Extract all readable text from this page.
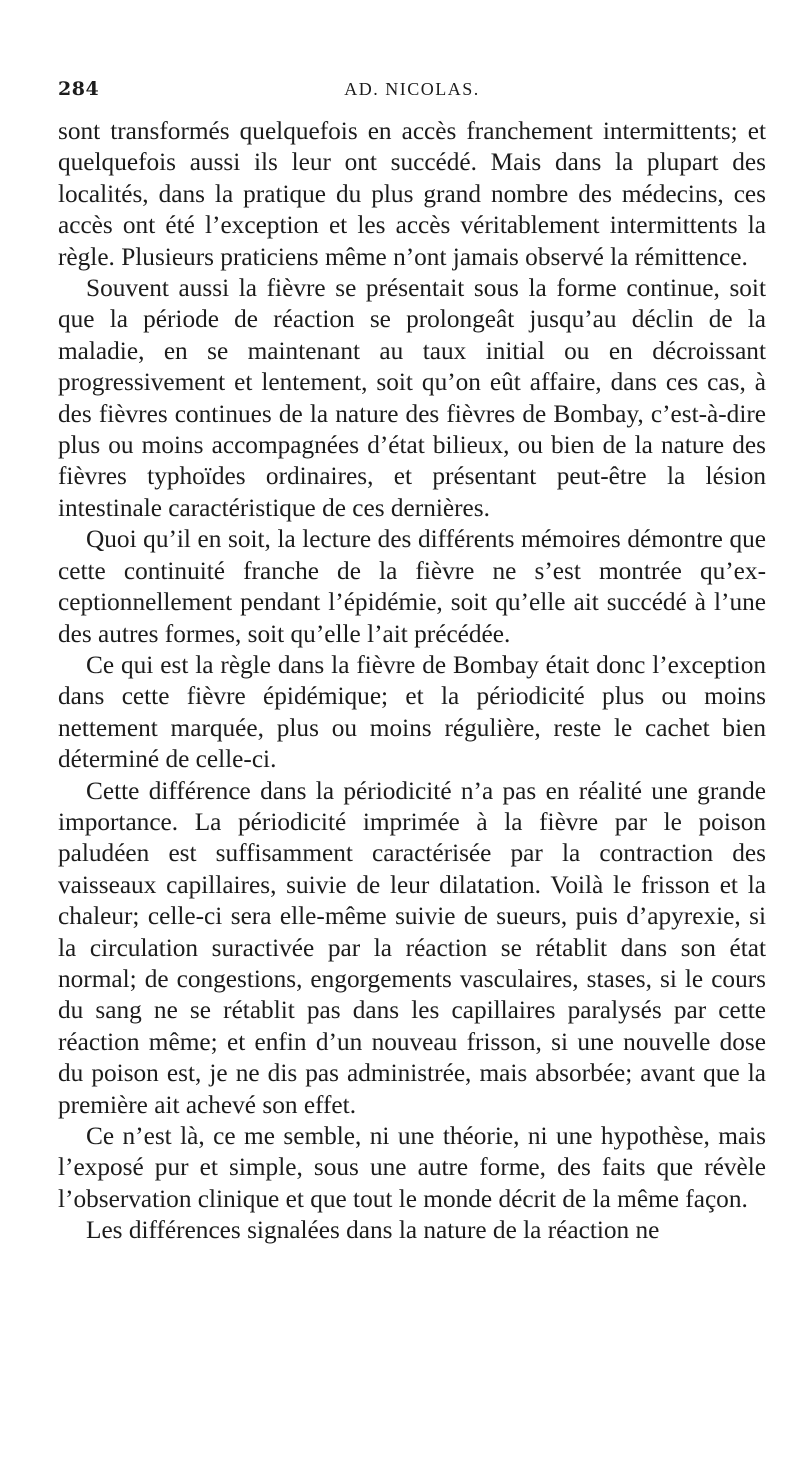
284	AD. NICOLAS.

sont transformés quelquefois en accès franchement intermittents; et quelquefois aussi ils leur ont succédé. Mais dans la plupart des localités, dans la pratique du plus grand nombre des médecins, ces accès ont été l’exception et les accès véritablement intermittents la règle. Plusieurs praticiens même n’ont jamais observé la rémittence.

Souvent aussi la fièvre se présentait sous la forme continue, soit que la période de réaction se prolongeât jusqu’au déclin de la maladie, en se maintenant au taux initial ou en décroissant progressivement et lentement, soit qu’on eût affaire, dans ces cas, à des fièvres continues de la nature des fièvres de Bombay, c’est-à-dire plus ou moins accompagnées d’état bilieux, ou bien de la nature des fièvres typhoïdes ordinaires, et présentant peut-être la lésion intestinale caractéristique de ces dernières.

Quoi qu’il en soit, la lecture des différents mémoires démontre que cette continuité franche de la fièvre ne s’est montrée qu’exceptionnellement pendant l’épidémie, soit qu’elle ait succédé à l’une des autres formes, soit qu’elle l’ait précédée.

Ce qui est la règle dans la fièvre de Bombay était donc l’exception dans cette fièvre épidémique; et la périodicité plus ou moins nettement marquée, plus ou moins régulière, reste le cachet bien déterminé de celle-ci.

Cette différence dans la périodicité n’a pas en réalité une grande importance. La périodicité imprimée à la fièvre par le poison paludéen est suffisamment caractérisée par la contraction des vaisseaux capillaires, suivie de leur dilatation. Voilà le frisson et la chaleur; celle-ci sera elle-même suivie de sueurs, puis d’apyrexie, si la circulation suractivée par la réaction se rétablit dans son état normal; de congestions, engorgements vasculaires, stases, si le cours du sang ne se rétablit pas dans les capillaires paralysés par cette réaction même; et enfin d’un nouveau frisson, si une nouvelle dose du poison est, je ne dis pas administrée, mais absorbée; avant que la première ait achevé son effet.

Ce n’est là, ce me semble, ni une théorie, ni une hypothèse, mais l’exposé pur et simple, sous une autre forme, des faits que révèle l’observation clinique et que tout le monde décrit de la même façon.

Les différences signalées dans la nature de la réaction ne
